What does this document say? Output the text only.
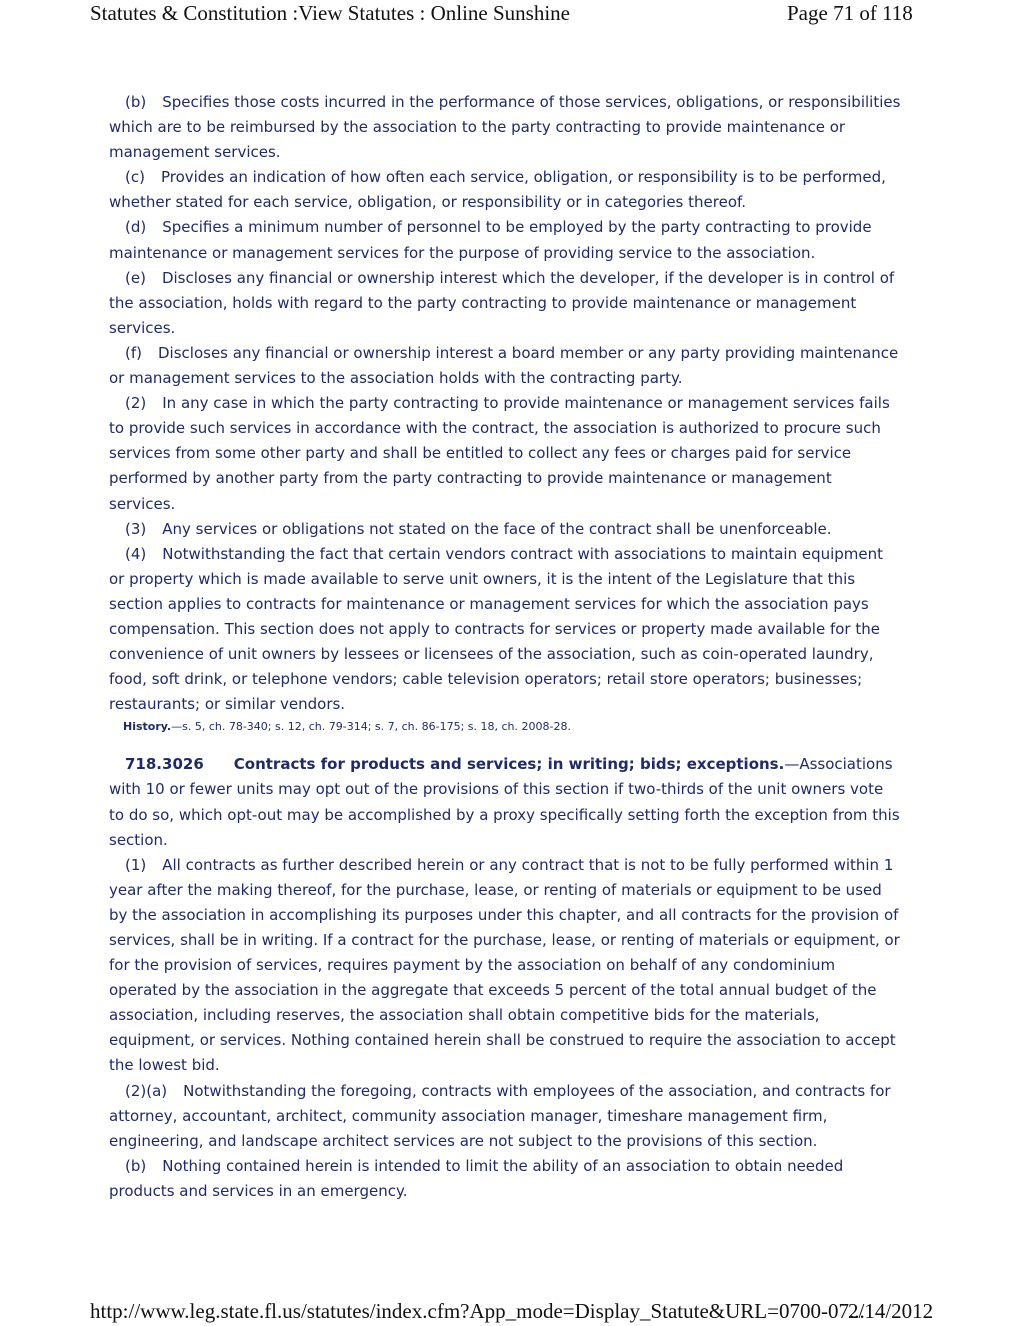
Statutes & Constitution :View Statutes : Online Sunshine	Page 71 of 118

(b) Specifies those costs incurred in the performance of those services, obligations, or responsibilities which are to be reimbursed by the association to the party contracting to provide maintenance or management services.

(c) Provides an indication of how often each service, obligation, or responsibility is to be performed, whether stated for each service, obligation, or responsibility or in categories thereof.

(d) Specifies a minimum number of personnel to be employed by the party contracting to provide maintenance or management services for the purpose of providing service to the association.

(e) Discloses any financial or ownership interest which the developer, if the developer is in control of the association, holds with regard to the party contracting to provide maintenance or management services.

(f) Discloses any financial or ownership interest a board member or any party providing maintenance or management services to the association holds with the contracting party.

(2) In any case in which the party contracting to provide maintenance or management services fails to provide such services in accordance with the contract, the association is authorized to procure such services from some other party and shall be entitled to collect any fees or charges paid for service performed by another party from the party contracting to provide maintenance or management services.

(3) Any services or obligations not stated on the face of the contract shall be unenforceable.

(4) Notwithstanding the fact that certain vendors contract with associations to maintain equipment or property which is made available to serve unit owners, it is the intent of the Legislature that this section applies to contracts for maintenance or management services for which the association pays compensation. This section does not apply to contracts for services or property made available for the convenience of unit owners by lessees or licensees of the association, such as coin-operated laundry, food, soft drink, or telephone vendors; cable television operators; retail store operators; businesses; restaurants; or similar vendors.

History.—s. 5, ch. 78-340; s. 12, ch. 79-314; s. 7, ch. 86-175; s. 18, ch. 2008-28.

718.3026 Contracts for products and services; in writing; bids; exceptions.—Associations with 10 or fewer units may opt out of the provisions of this section if two-thirds of the unit owners vote to do so, which opt-out may be accomplished by a proxy specifically setting forth the exception from this section.

(1) All contracts as further described herein or any contract that is not to be fully performed within 1 year after the making thereof, for the purchase, lease, or renting of materials or equipment to be used by the association in accomplishing its purposes under this chapter, and all contracts for the provision of services, shall be in writing. If a contract for the purchase, lease, or renting of materials or equipment, or for the provision of services, requires payment by the association on behalf of any condominium operated by the association in the aggregate that exceeds 5 percent of the total annual budget of the association, including reserves, the association shall obtain competitive bids for the materials, equipment, or services. Nothing contained herein shall be construed to require the association to accept the lowest bid.

(2)(a) Notwithstanding the foregoing, contracts with employees of the association, and contracts for attorney, accountant, architect, community association manager, timeshare management firm, engineering, and landscape architect services are not subject to the provisions of this section.

(b) Nothing contained herein is intended to limit the ability of an association to obtain needed products and services in an emergency.

http://www.leg.state.fl.us/statutes/index.cfm?App_mode=Display_Statute&URL=0700-07...
2/14/2012
